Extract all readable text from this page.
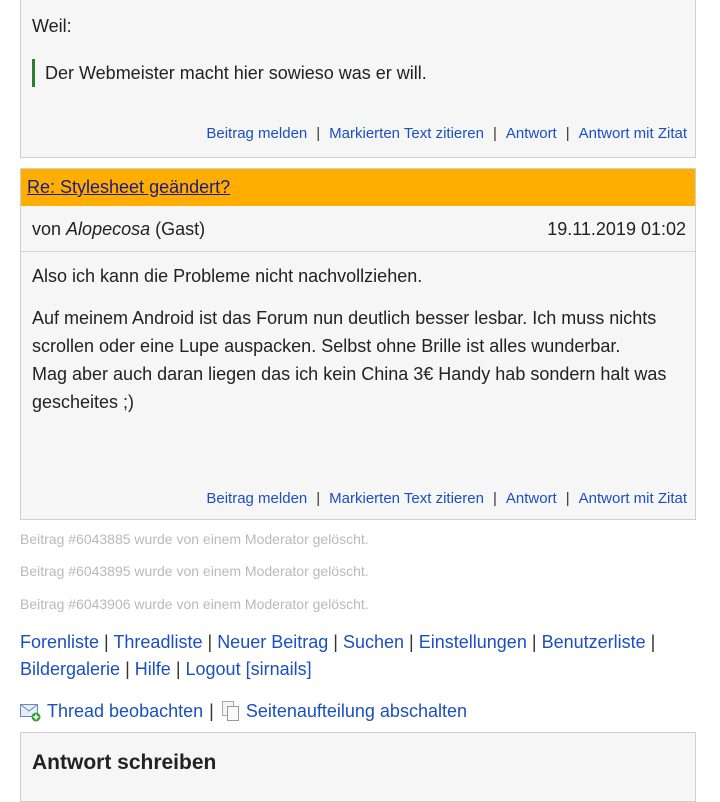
Weil:
Der Webmeister macht hier sowieso was er will.
Beitrag melden | Markierten Text zitieren | Antwort | Antwort mit Zitat
Re: Stylesheet geändert?
von Alopecosa (Gast)	19.11.2019 01:02

Also ich kann die Probleme nicht nachvollziehen.

Auf meinem Android ist das Forum nun deutlich besser lesbar. Ich muss nichts scrollen oder eine Lupe auspacken. Selbst ohne Brille ist alles wunderbar.
Mag aber auch daran liegen das ich kein China 3€ Handy hab sondern halt was gescheites ;)

Beitrag melden | Markierten Text zitieren | Antwort | Antwort mit Zitat
Beitrag #6043885 wurde von einem Moderator gelöscht.
Beitrag #6043895 wurde von einem Moderator gelöscht.
Beitrag #6043906 wurde von einem Moderator gelöscht.
Forenliste | Threadliste | Neuer Beitrag | Suchen | Einstellungen | Benutzerliste | Bildergalerie | Hilfe | Logout [sirnails]
Thread beobachten |	Seitenaufteilung abschalten
Antwort schreiben
